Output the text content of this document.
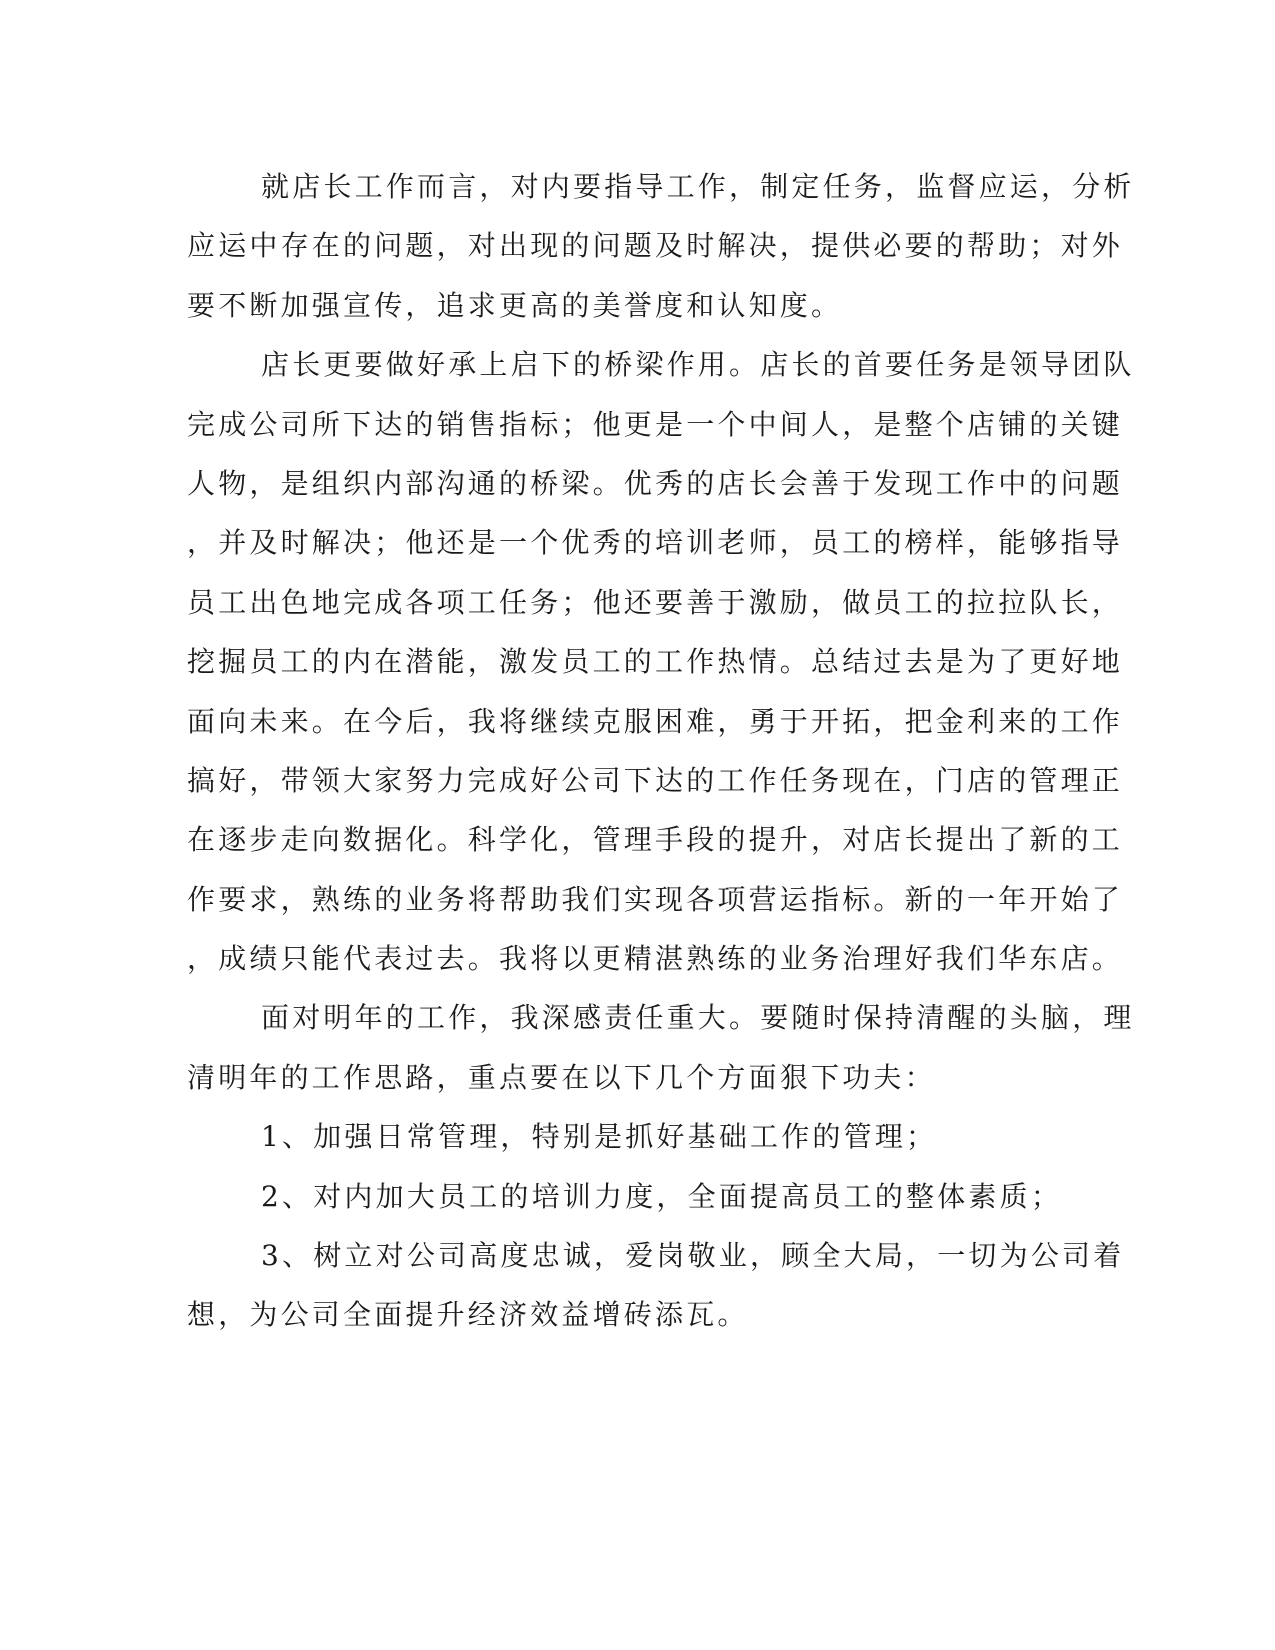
就店长工作而言，对内要指导工作，制定任务，监督应运，分析
应运中存在的问题，对出现的问题及时解决，提供必要的帮助；对外
要不断加强宣传，追求更高的美誉度和认知度。
店长更要做好承上启下的桥梁作用。店长的首要任务是领导团队
完成公司所下达的销售指标；他更是一个中间人，是整个店铺的关键
人物，是组织内部沟通的桥梁。优秀的店长会善于发现工作中的问题
，并及时解决；他还是一个优秀的培训老师，员工的榜样，能够指导
员工出色地完成各项工任务；他还要善于激励，做员工的拉拉队长，
挖掘员工的内在潜能，激发员工的工作热情。总结过去是为了更好地
面向未来。在今后，我将继续克服困难，勇于开拓，把金利来的工作
搞好，带领大家努力完成好公司下达的工作任务现在，门店的管理正
在逐步走向数据化。科学化，管理手段的提升，对店长提出了新的工
作要求，熟练的业务将帮助我们实现各项营运指标。新的一年开始了
，成绩只能代表过去。我将以更精湛熟练的业务治理好我们华东店。
面对明年的工作，我深感责任重大。要随时保持清醒的头脑，理
清明年的工作思路，重点要在以下几个方面狠下功夫：
1、加强日常管理，特别是抓好基础工作的管理；
2、对内加大员工的培训力度，全面提高员工的整体素质；
3、树立对公司高度忠诚，爱岗敬业，顾全大局，一切为公司着
想，为公司全面提升经济效益增砖添瓦。
